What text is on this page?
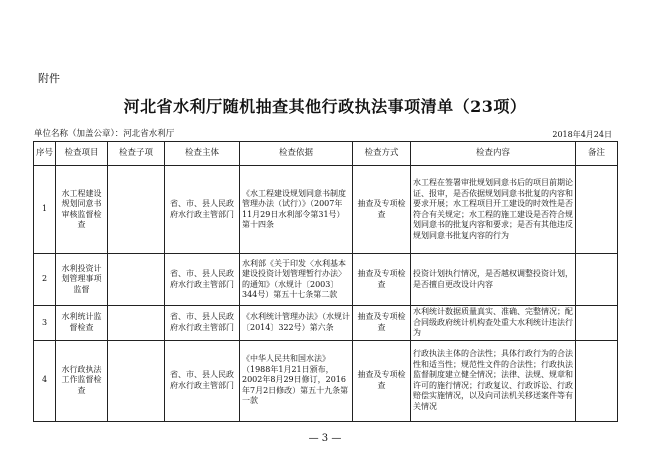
附件
河北省水利厅随机抽查其他行政执法事项清单（23项）
单位名称（加盖公章）：河北省水利厅	2018年4月24日
序号	检查项目	检查子项	检查主体	检查依据	检查方式	检查内容	备注
1	水工程建设规划同意书审核监督检查		省、市、县人民政府水行政主管部门	《水工程建设规划同意书制度管理办法（试行）》（2007年11月29日水利部令第31号）第十四条	抽查及专项检查	水工程在签署审批规划同意书后的项目前期论证、报审，是否依据规划同意书批复的内容和要求开展；水工程项目开工建设的时效性是否符合有关规定；水工程的施工建设是否符合规划同意书的批复内容和要求；是否有其他违反规划同意书批复内容的行为	
2	水利投资计划管理事项监督		省、市、县人民政府水行政主管部门	水利部《关于印发〈水利基本建设投资计划管理暂行办法〉的通知》（水规计〔2003〕344号）第五十七条第二款	抽查及专项检查	投资计划执行情况，是否越权调整投资计划，是否擅自更改设计内容	
3	水利统计监督检查		省、市、县人民政府水行政主管部门	《水利统计管理办法》（水规计〔2014〕322号）第六条	抽查及专项检查	水利统计数据质量真实、准确、完整情况；配合同级政府统计机构查处重大水利统计违法行为	
4	水行政执法工作监督检查		省、市、县人民政府水行政主管部门	《中华人民共和国水法》（1988年1月21日颁布，2002年8月29日修订，2016年7月2日修改）第五十九条第一款	抽查及专项检查	行政执法主体的合法性；具体行政行为的合法性和适当性；规范性文件的合法性；行政执法监督制度建立健全情况；法律、法规、规章和许可的施行情况；行政复议、行政诉讼、行政赔偿实施情况，以及向司法机关移送案件等有关情况	
— 3 —
